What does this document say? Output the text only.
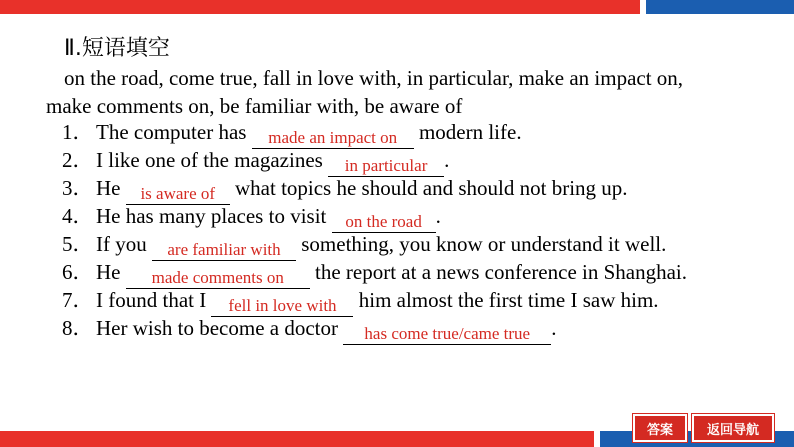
Ⅱ.短语填空
on the road, come true, fall in love with, in particular, make an impact on,
make comments on, be familiar with, be aware of
1． The computer has made an impact on modern life.
2． I like one of the magazines in particular .
3． He is aware of what topics he should and should not bring up.
4． He has many places to visit on the road .
5． If you are familiar with something, you know or understand it well.
6． He made comments on the report at a news conference in Shanghai.
7． I found that I fell in love with him almost the first time I saw him.
8． Her wish to become a doctor has come true/came true .
答案	返回导航
